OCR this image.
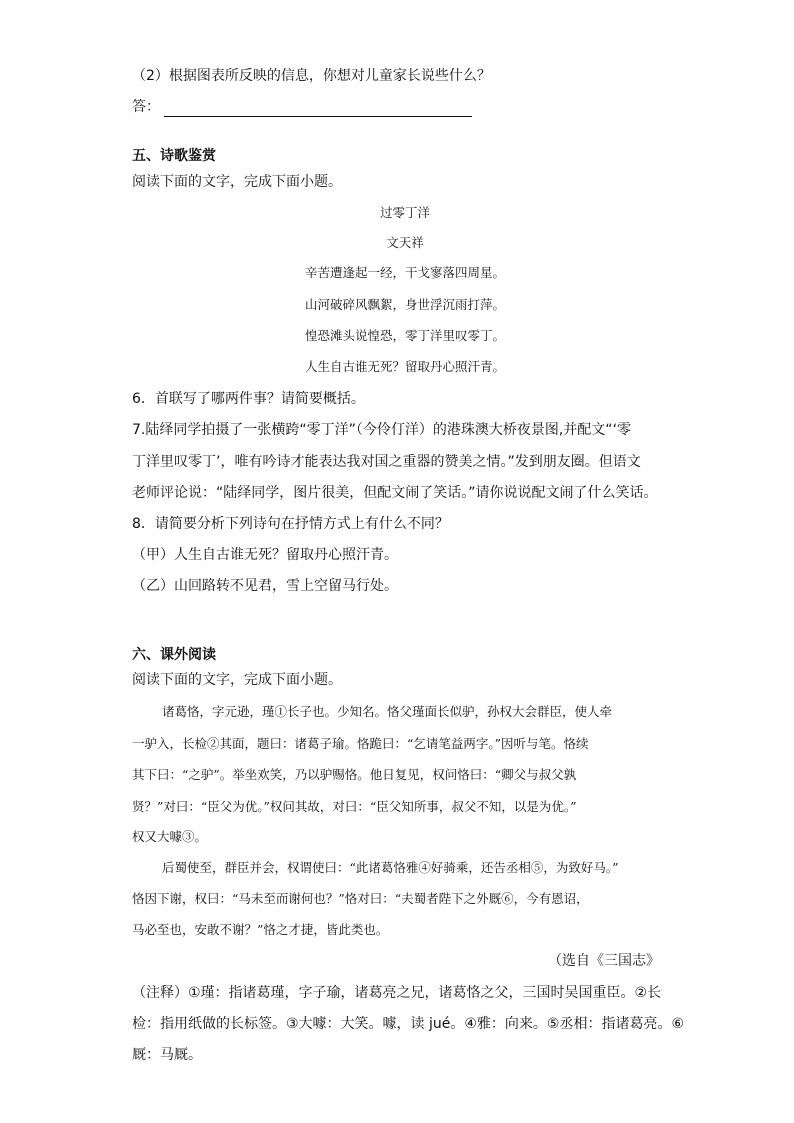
（2）根据图表所反映的信息，你想对儿童家长说些什么？
答：
五、诗歌鉴赏
阅读下面的文字，完成下面小题。
过零丁洋
文天祥
辛苦遭逢起一经，干戈寥落四周星。
山河破碎风飘絮，身世浮沉雨打萍。
惶恐滩头说惶恐，零丁洋里叹零丁。
人生自古谁无死？留取丹心照汗青。
6．首联写了哪两件事？请简要概括。
7.陆绎同学拍摄了一张横跨“零丁洋”（今伶仃洋）的港珠澳大桥夜景图,并配文“‘零
丁洋里叹零丁’，唯有吟诗才能表达我对国之重器的赞美之情。”发到朋友圈。但语文
老师评论说：“陆绎同学，图片很美，但配文闹了笑话。”请你说说配文闹了什么笑话。
8．请简要分析下列诗句在抒情方式上有什么不同？
（甲）人生自古谁无死？留取丹心照汗青。
（乙）山回路转不见君，雪上空留马行处。
六、课外阅读
阅读下面的文字，完成下面小题。
诸葛恪，字元逊，瑾①长子也。少知名。恪父瑾面长似驴，孙权大会群臣，使人牵
一驴入，长检②其面，题曰：诸葛子瑜。恪跪曰：“乞请笔益两字。”因听与笔。恪续
其下曰：“之驴”。举坐欢笑，乃以驴赐恪。他日复见，权问恪曰：“卿父与叔父孰
贤？”对曰：“臣父为优。”权问其故，对曰：“臣父知所事，叔父不知，以是为优。”
权又大噱③。
后蜀使至，群臣并会，权谓使曰：“此诸葛恪雅④好骑乘，还告丞相⑤，为致好马。”
恪因下谢，权曰：“马未至而谢何也？”恪对曰：“夫蜀者陛下之外厩⑥，今有恩诏，
马必至也，安敢不谢？”恪之才捷，皆此类也。
（选自《三国志》
（注释）①瑾：指诸葛瑾，字子瑜，诸葛亮之兄，诸葛恪之父，三国时吴国重臣。②长
检：指用纸做的长标签。③大噱：大笑。噱，读 jué。④雅：向来。⑤丞相：指诸葛亮。⑥
厩：马厩。
